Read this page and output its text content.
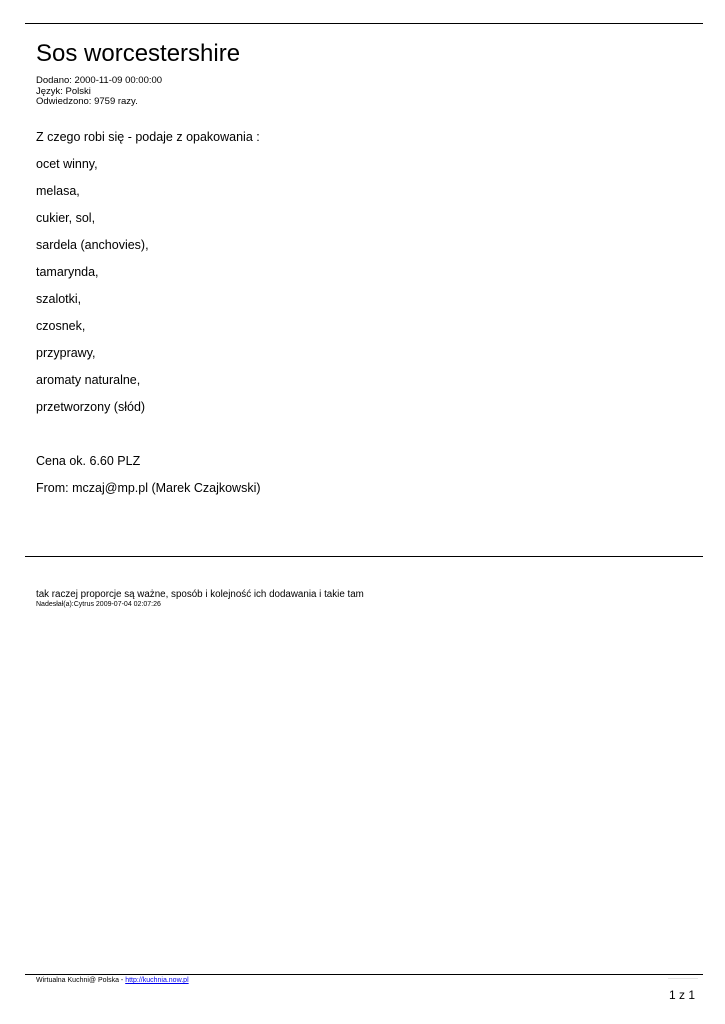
Sos worcestershire
Dodano: 2000-11-09 00:00:00
Język: Polski
Odwiedzono: 9759 razy.
Z czego robi się - podaje z opakowania :
ocet winny,
melasa,
cukier, sol,
sardela (anchovies),
tamarynda,
szalotki,
czosnek,
przyprawy,
aromaty naturalne,
przetworzony (słód)
Cena ok. 6.60 PLZ
From: mczaj@mp.pl (Marek Czajkowski)
tak raczej proporcje są ważne, sposób i kolejność ich dodawania i takie tam
Nadesłał(a):Cytrus 2009-07-04 02:07:26
Wirtualna Kuchni@ Polska - http://kuchnia.now.pl
1 z 1
